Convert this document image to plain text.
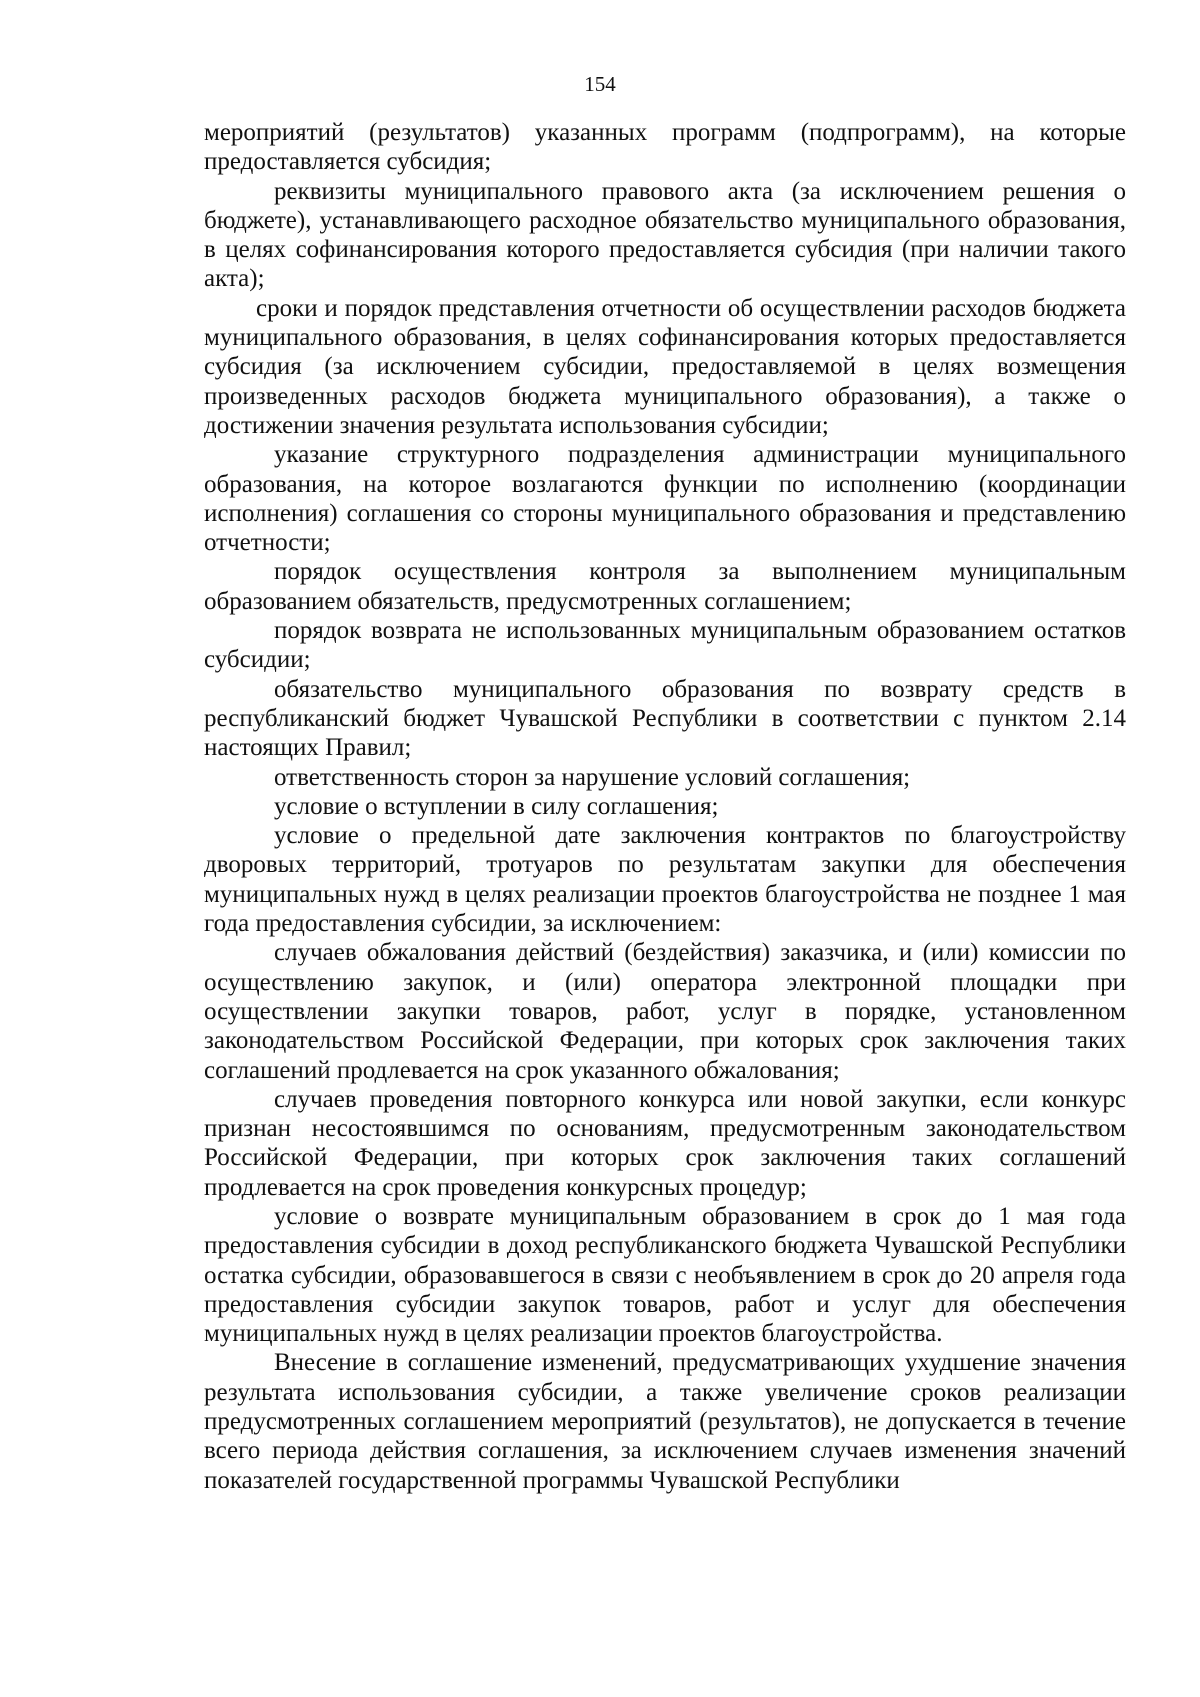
154

мероприятий (результатов) указанных программ (подпрограмм), на которые предоставляется субсидия;

реквизиты муниципального правового акта (за исключением решения о бюджете), устанавливающего расходное обязательство муниципального образования, в целях софинансирования которого предоставляется субсидия (при наличии такого акта);

сроки и порядок представления отчетности об осуществлении расходов бюджета муниципального образования, в целях софинансирования которых предоставляется субсидия (за исключением субсидии, предоставляемой в целях возмещения произведенных расходов бюджета муниципального образования), а также о достижении значения результата использования субсидии;

указание структурного подразделения администрации муниципального образования, на которое возлагаются функции по исполнению (координации исполнения) соглашения со стороны муниципального образования и представлению отчетности;

порядок осуществления контроля за выполнением муниципальным образованием обязательств, предусмотренных соглашением;

порядок возврата не использованных муниципальным образованием остатков субсидии;

обязательство муниципального образования по возврату средств в республиканский бюджет Чувашской Республики в соответствии с пунктом 2.14 настоящих Правил;

ответственность сторон за нарушение условий соглашения;

условие о вступлении в силу соглашения;

условие о предельной дате заключения контрактов по благоустройству дворовых территорий, тротуаров по результатам закупки для обеспечения муниципальных нужд в целях реализации проектов благоустройства не позднее 1 мая года предоставления субсидии, за исключением:

случаев обжалования действий (бездействия) заказчика, и (или) комиссии по осуществлению закупок, и (или) оператора электронной площадки при осуществлении закупки товаров, работ, услуг в порядке, установленном законодательством Российской Федерации, при которых срок заключения таких соглашений продлевается на срок указанного обжалования;

случаев проведения повторного конкурса или новой закупки, если конкурс признан несостоявшимся по основаниям, предусмотренным законодательством Российской Федерации, при которых срок заключения таких соглашений продлевается на срок проведения конкурсных процедур;

условие о возврате муниципальным образованием в срок до 1 мая года предоставления субсидии в доход республиканского бюджета Чувашской Республики остатка субсидии, образовавшегося в связи с необъявлением в срок до 20 апреля года предоставления субсидии закупок товаров, работ и услуг для обеспечения муниципальных нужд в целях реализации проектов благоустройства.

Внесение в соглашение изменений, предусматривающих ухудшение значения результата использования субсидии, а также увеличение сроков реализации предусмотренных соглашением мероприятий (результатов), не допускается в течение всего периода действия соглашения, за исключением случаев изменения значений показателей государственной программы Чувашской Республики
